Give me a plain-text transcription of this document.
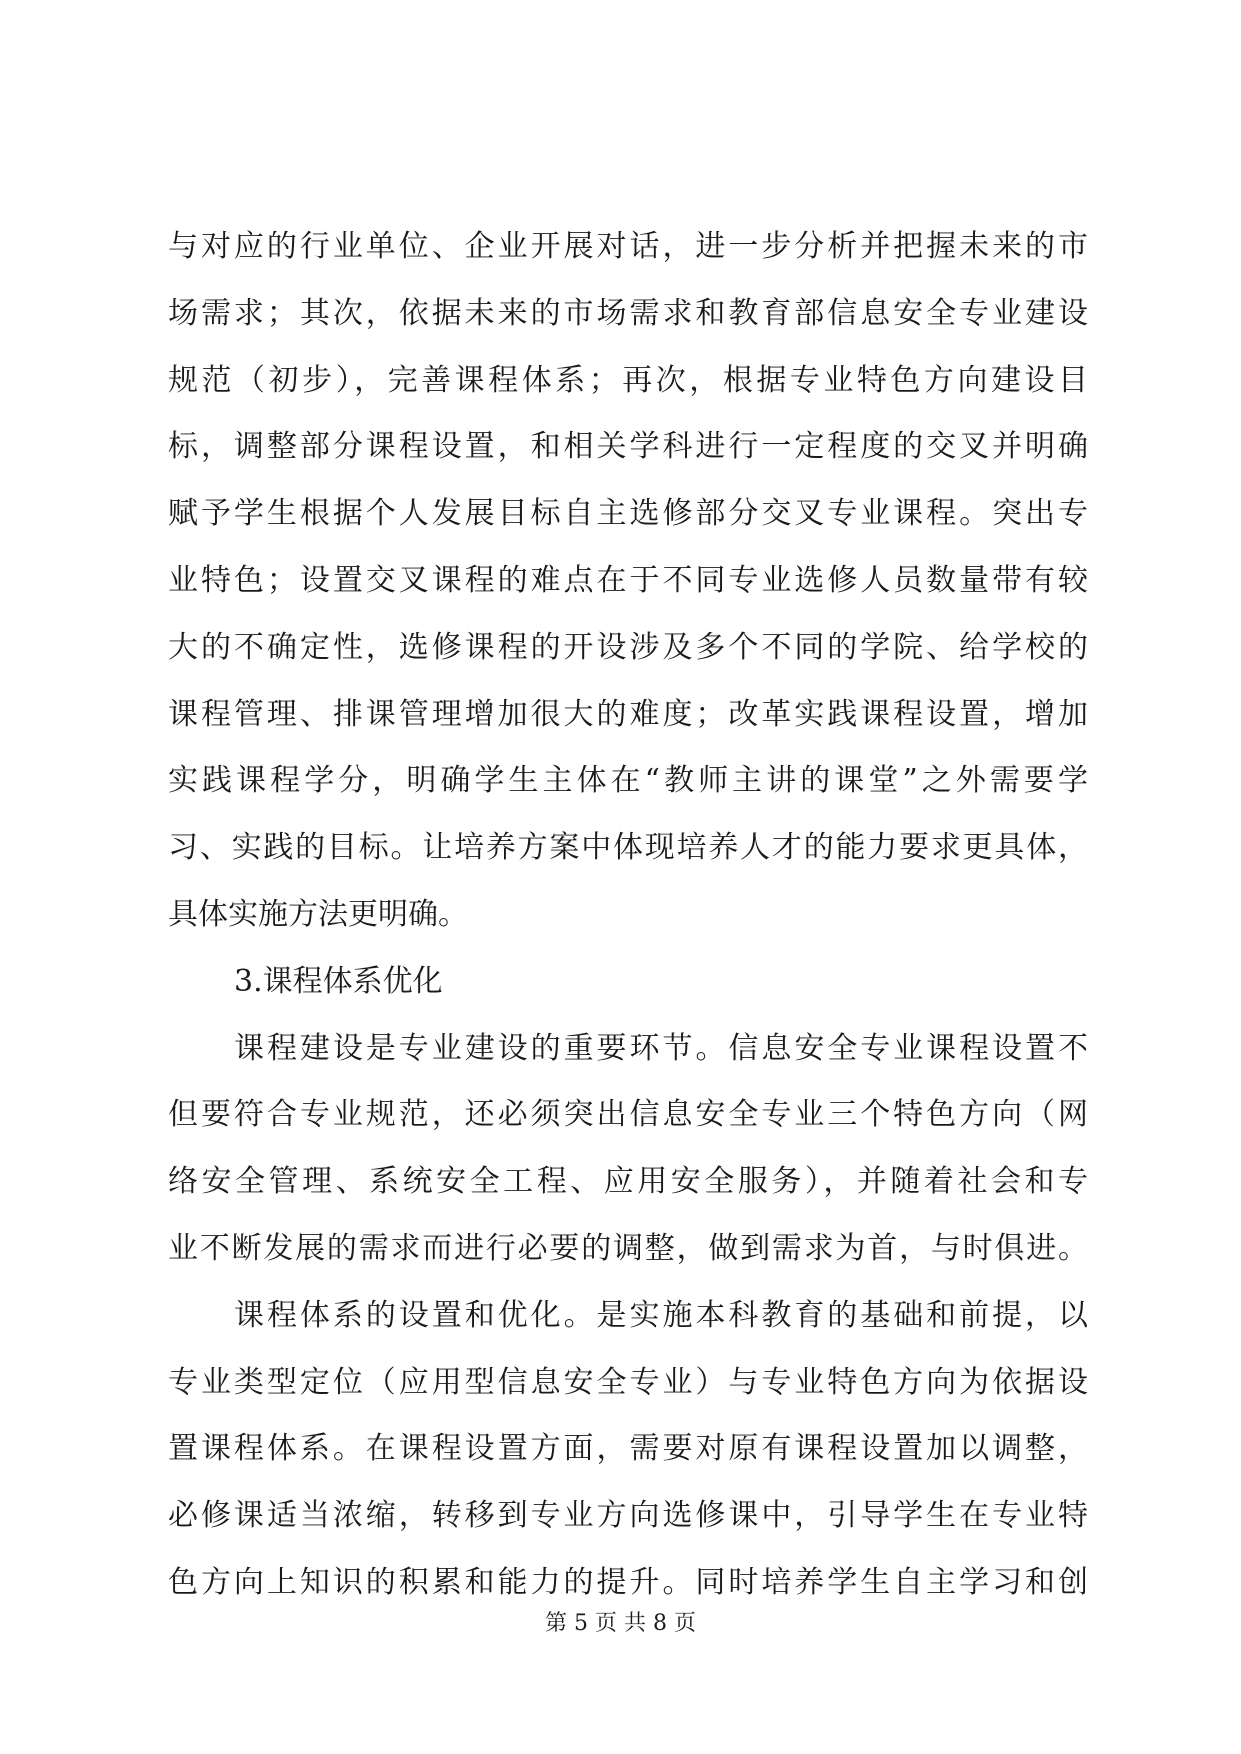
与对应的行业单位、企业开展对话，进一步分析并把握未来的市
场需求；其次，依据未来的市场需求和教育部信息安全专业建设
规范（初步），完善课程体系；再次，根据专业特色方向建设目
标，调整部分课程设置，和相关学科进行一定程度的交叉并明确
赋予学生根据个人发展目标自主选修部分交叉专业课程。突出专
业特色；设置交叉课程的难点在于不同专业选修人员数量带有较
大的不确定性，选修课程的开设涉及多个不同的学院、给学校的
课程管理、排课管理增加很大的难度；改革实践课程设置，增加
实践课程学分，明确学生主体在“教师主讲的课堂”之外需要学
习、实践的目标。让培养方案中体现培养人才的能力要求更具体，
具体实施方法更明确。
3.课程体系优化
课程建设是专业建设的重要环节。信息安全专业课程设置不
但要符合专业规范，还必须突出信息安全专业三个特色方向（网
络安全管理、系统安全工程、应用安全服务），并随着社会和专
业不断发展的需求而进行必要的调整，做到需求为首，与时俱进。
课程体系的设置和优化。是实施本科教育的基础和前提，以
专业类型定位（应用型信息安全专业）与专业特色方向为依据设
置课程体系。在课程设置方面，需要对原有课程设置加以调整，
必修课适当浓缩，转移到专业方向选修课中，引导学生在专业特
色方向上知识的积累和能力的提升。同时培养学生自主学习和创
第 5 页 共 8 页
